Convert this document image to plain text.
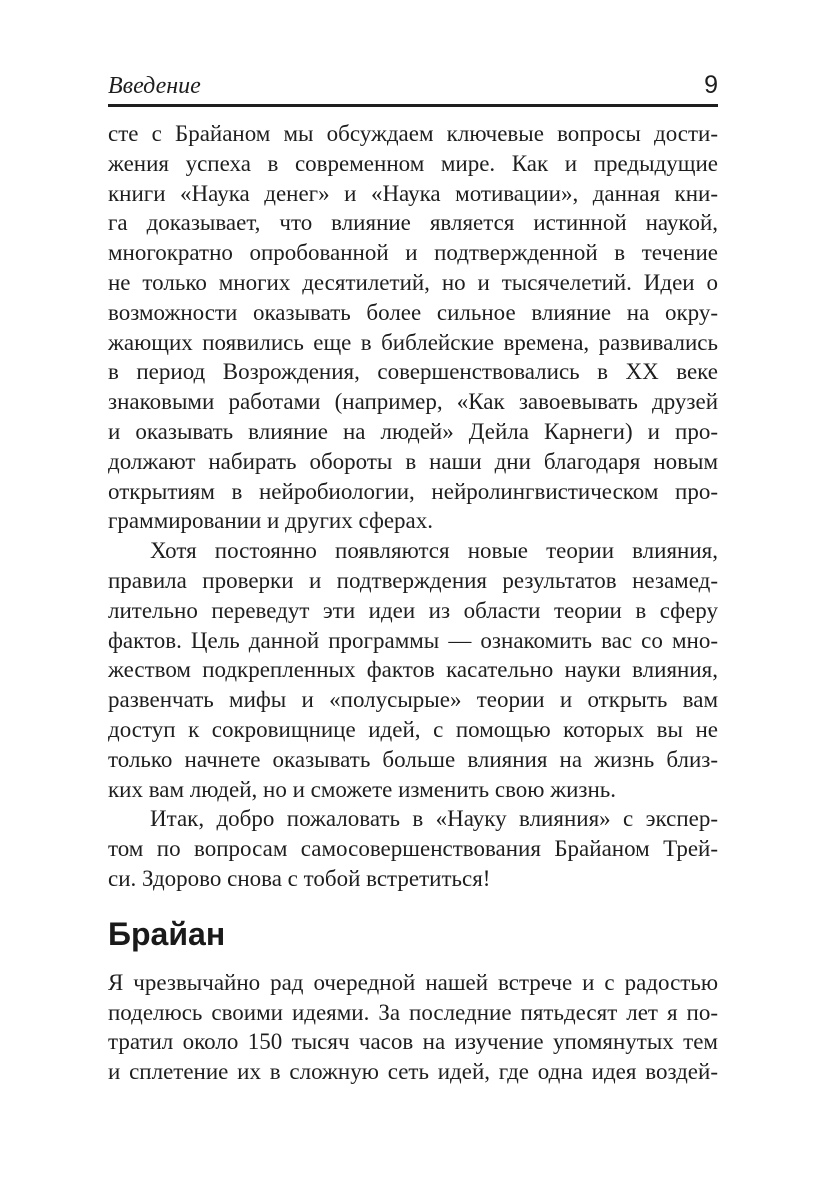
Введение	9
сте с Брайаном мы обсуждаем ключевые вопросы дости-
жения успеха в современном мире. Как и предыдущие
книги «Наука денег» и «Наука мотивации», данная кни-
га доказывает, что влияние является истинной наукой,
многократно опробованной и подтвержденной в течение
не только многих десятилетий, но и тысячелетий. Идеи о
возможности оказывать более сильное влияние на окру-
жающих появились еще в библейские времена, развивались
в период Возрождения, совершенствовались в XX веке
знаковыми работами (например, «Как завоевывать друзей
и оказывать влияние на людей» Дейла Карнеги) и про-
должают набирать обороты в наши дни благодаря новым
открытиям в нейробиологии, нейролингвистическом про-
граммировании и других сферах.
Хотя постоянно появляются новые теории влияния,
правила проверки и подтверждения результатов незамед-
лительно переведут эти идеи из области теории в сферу
фактов. Цель данной программы — ознакомить вас со мно-
жеством подкрепленных фактов касательно науки влияния,
развенчать мифы и «полусырые» теории и открыть вам
доступ к сокровищнице идей, с помощью которых вы не
только начнете оказывать больше влияния на жизнь близ-
ких вам людей, но и сможете изменить свою жизнь.
Итак, добро пожаловать в «Науку влияния» с экспер-
том по вопросам самосовершенствования Брайаном Трей-
си. Здорово снова с тобой встретиться!
Брайан
Я чрезвычайно рад очередной нашей встрече и с радостью
поделюсь своими идеями. За последние пятьдесят лет я по-
тратил около 150 тысяч часов на изучение упомянутых тем
и сплетение их в сложную сеть идей, где одна идея воздей-
